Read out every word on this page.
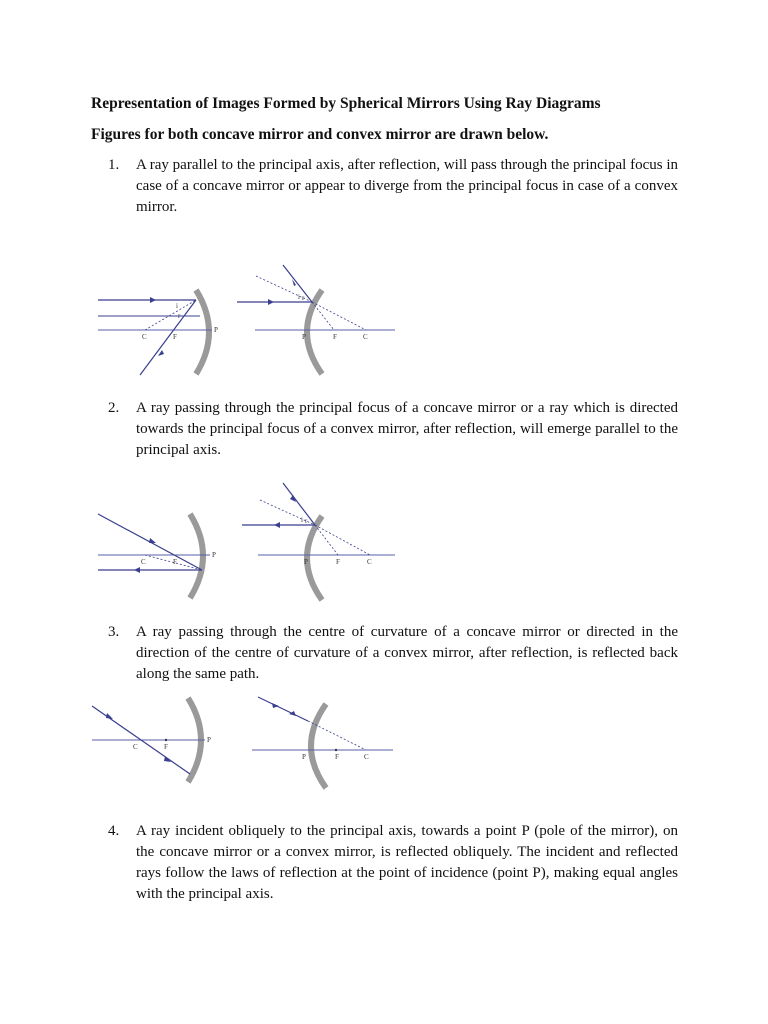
Representation of Images Formed by Spherical Mirrors Using Ray Diagrams
Figures for both concave mirror and convex mirror are drawn below.
1. A ray parallel to the principal axis, after reflection, will pass through the principal focus in case of a concave mirror or appear to diverge from the principal focus in case of a convex mirror.
C	F
P
i
r
P	F	C
i r
2. A ray passing through the principal focus of a concave mirror or a ray which is directed towards the principal focus of a convex mirror, after reflection, will emerge parallel to the principal axis.
C	F
P
P	F	C
i r
3. A ray passing through the centre of curvature of a concave mirror or directed in the direction of the centre of curvature of a convex mirror, after reflection, is reflected back along the same path.
C	F
P
P	F	C
4. A ray incident obliquely to the principal axis, towards a point P (pole of the mirror), on the concave mirror or a convex mirror, is reflected obliquely. The incident and reflected rays follow the laws of reflection at the point of incidence (point P), making equal angles with the principal axis.
